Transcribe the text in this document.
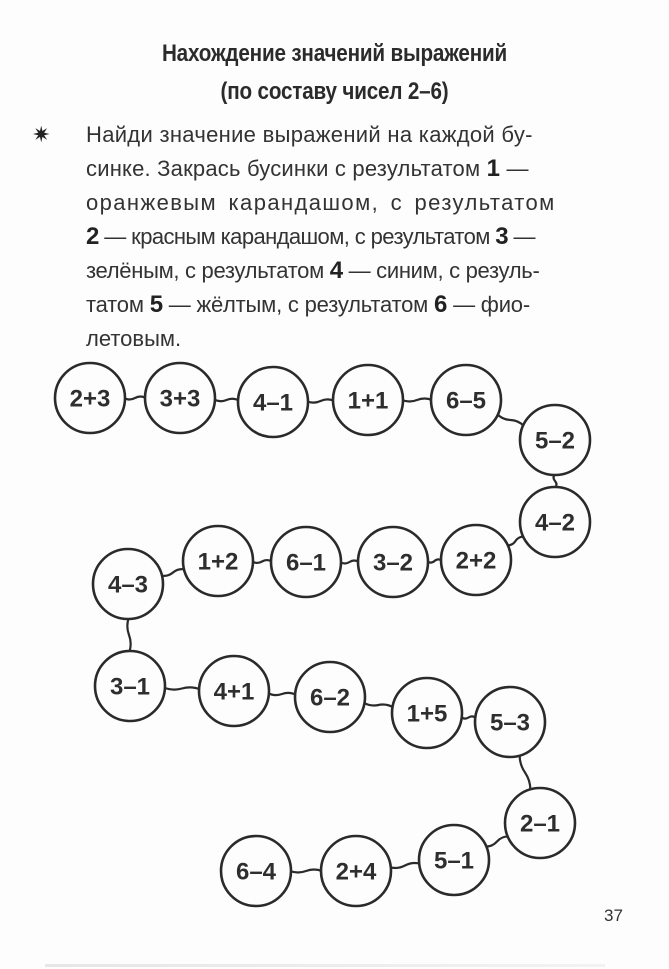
Нахождение значений выражений
(по составу чисел 2–6)
✷ Найди значение выражений на каждой бу-
синке. Закрась бусинки с результатом 1 —
оранжевым карандашом, с результатом
2 — красным карандашом, с результатом 3 —
зелёным, с результатом 4 — синим, с резуль-
татом 5 — жёлтым, с результатом 6 — фио-
летовым.
2+3 3+3 4–1 1+1 6–5
5–2
4–2
2+2
3–2
6–1
1+2
4–3
3–1	4+1 6–2
1+5 5–3
2–1
5–1
2+4
6–4
37
